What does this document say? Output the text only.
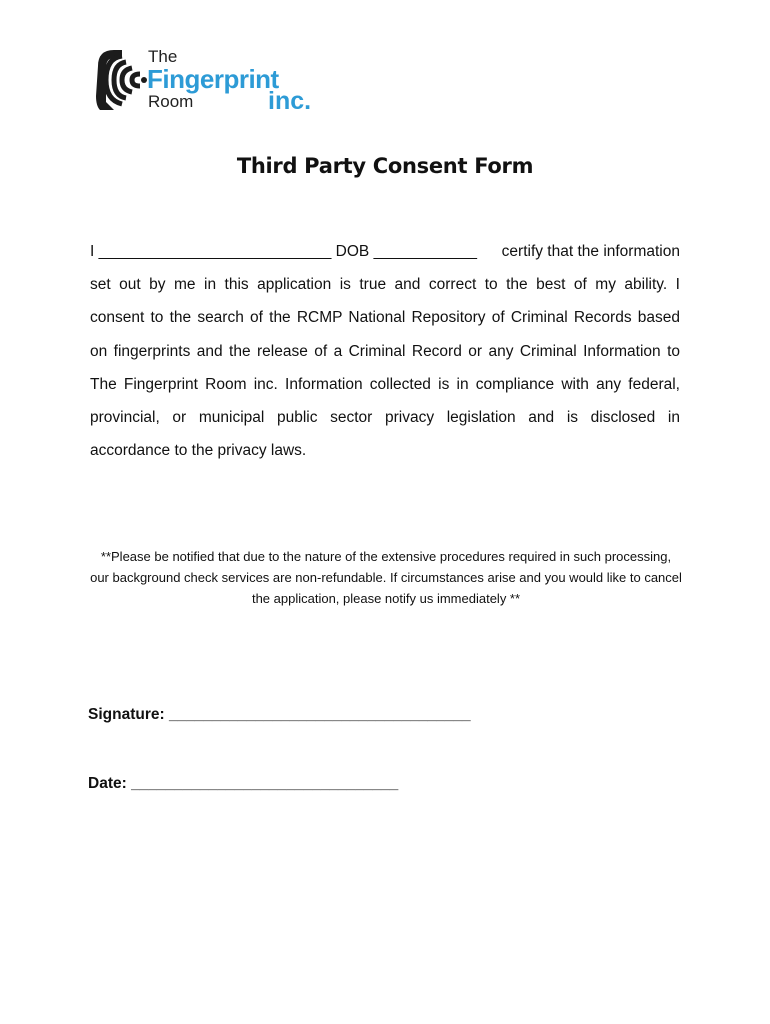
The
Fingerprint
Room	inc.
Third Party Consent Form
I ___________________________ DOB ____________ certify that the information
set out by me in this application is true and correct to the best of my ability. I
consent to the search of the RCMP National Repository of Criminal Records based
on fingerprints and the release of a Criminal Record or any Criminal Information to
The Fingerprint Room inc. Information collected is in compliance with any federal,
provincial, or municipal public sector privacy legislation and is disclosed in
accordance to the privacy laws.
**Please be notified that due to the nature of the extensive procedures required in such processing, our background check services are non-refundable. If circumstances arise and you would like to cancel the application, please notify us immediately **
Signature: ___________________________________
Date: _______________________________
